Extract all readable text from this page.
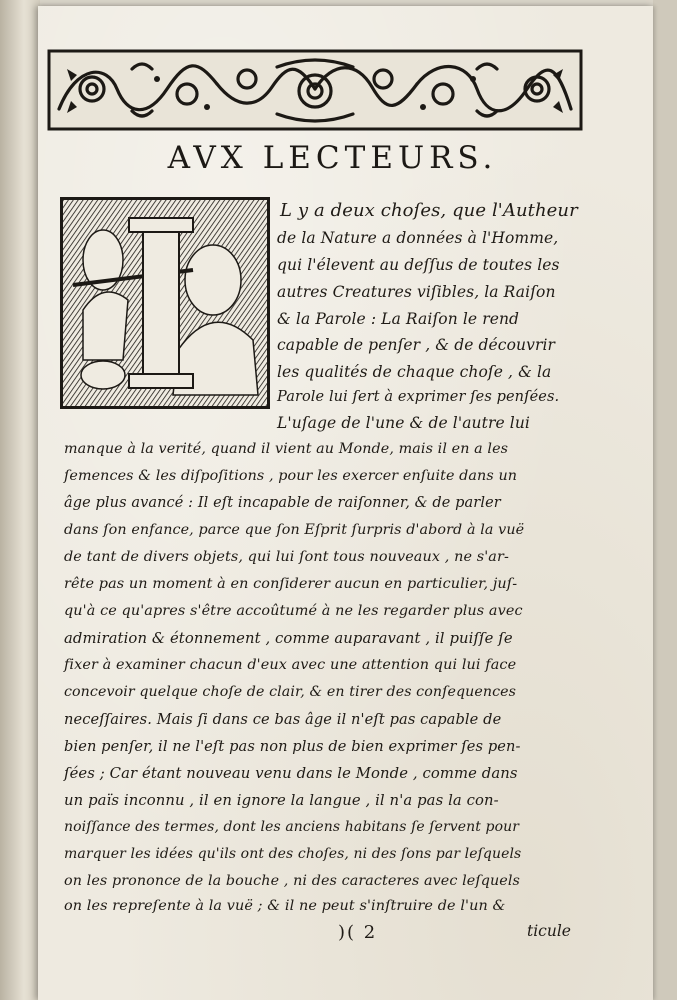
AVX LECTEURS.
L y a deux choſes, que l'Autheur
de la Nature a données à l'Homme,
qui l'élevent au deſſus de toutes les
autres Creatures viſibles, la Raiſon
& la Parole : La Raiſon le rend
capable de penſer , & de découvrir
les qualités de chaque choſe , & la
Parole lui ſert à exprimer ſes penſées.
L'uſage de l'une & de l'autre lui
manque à la verité, quand il vient au Monde, mais il en a les
ſemences & les diſpoſitions , pour les exercer enſuite dans un
âge plus avancé : Il eſt incapable de raiſonner, & de parler
dans ſon enfance, parce que ſon Eſprit ſurpris d'abord à la vuë
de tant de divers objets, qui lui ſont tous nouveaux , ne s'ar-
rête pas un moment à en conſiderer aucun en particulier, juſ-
qu'à ce qu'apres s'être accoûtumé à ne les regarder plus avec
admiration & étonnement , comme auparavant , il puiſſe ſe
fixer à examiner chacun d'eux avec une attention qui lui face
concevoir quelque choſe de clair, & en tirer des conſequences
neceſſaires. Mais ſi dans ce bas âge il n'eſt pas capable de
bien penſer, il ne l'eſt pas non plus de bien exprimer ſes pen-
ſées ; Car étant nouveau venu dans le Monde , comme dans
un païs inconnu , il en ignore la langue , il n'a pas la con-
noiſſance des termes, dont les anciens habitans ſe ſervent pour
marquer les idées qu'ils ont des choſes, ni des ſons par leſquels
on les prononce de la bouche , ni des caracteres avec leſquels
on les repreſente à la vuë ; & il ne peut s'inſtruire de l'un &
)( 2	ticule
